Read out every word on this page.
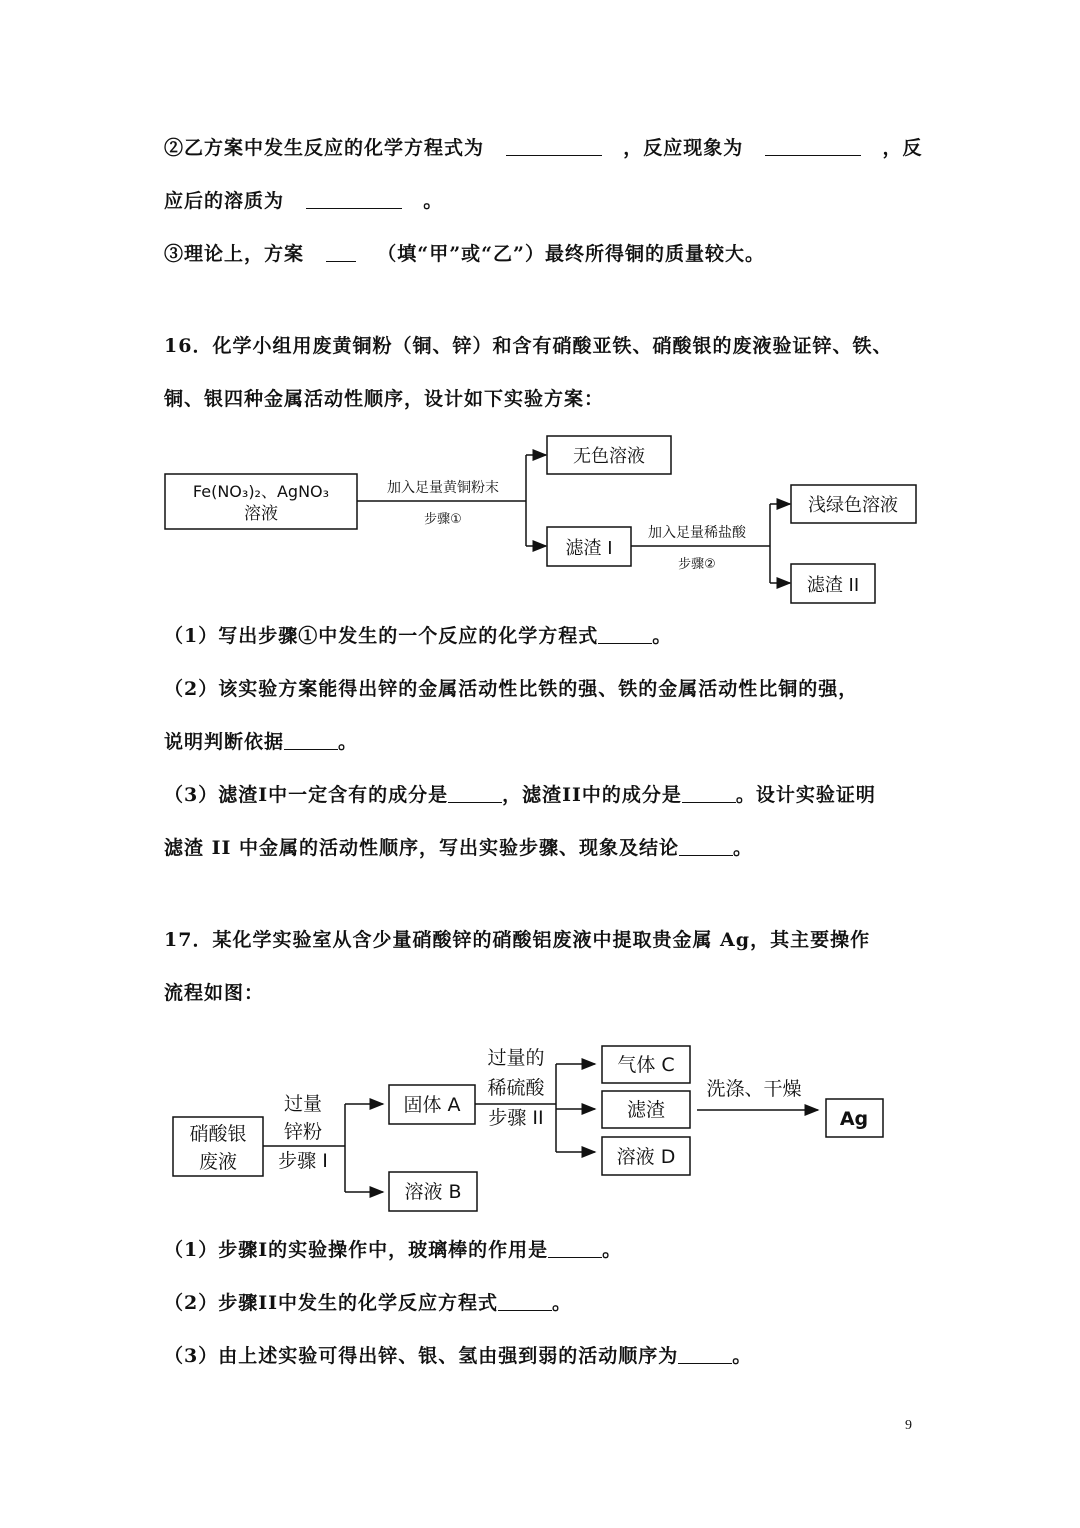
②乙方案中发生反应的化学方程式为	，反应现象为	，反
应后的溶质为	。
③理论上，方案	（填“甲”或“乙”）最终所得铜的质量较大。
16．化学小组用废黄铜粉（铜、锌）和含有硝酸亚铁、硝酸银的废液验证锌、铁、
铜、银四种金属活动性顺序，设计如下实验方案：
Fe(NO₃)₂、AgNO₃
溶液
加入足量黄铜粉末
步骤①
无色溶液
滤渣 I
加入足量稀盐酸
步骤②
浅绿色溶液
滤渣 II
（1）写出步骤①中发生的一个反应的化学方程式	。
（2）该实验方案能得出锌的金属活动性比铁的强、铁的金属活动性比铜的强，
说明判断依据	。
（3）滤渣I中一定含有的成分是	，滤渣II中的成分是	。设计实验证明
滤渣 II 中金属的活动性顺序，写出实验步骤、现象及结论	。
17．某化学实验室从含少量硝酸锌的硝酸铝废液中提取贵金属 Ag，其主要操作
流程如图：
硝酸银
废液
过量
锌粉
步骤 I
固体 A
溶液 B
过量的
稀硫酸
步骤 II
气体 C
滤渣
溶液 D
洗涤、干燥
Ag
（1）步骤I的实验操作中，玻璃棒的作用是	。
（2）步骤II中发生的化学反应方程式	。
（3）由上述实验可得出锌、银、氢由强到弱的活动顺序为	。
9
